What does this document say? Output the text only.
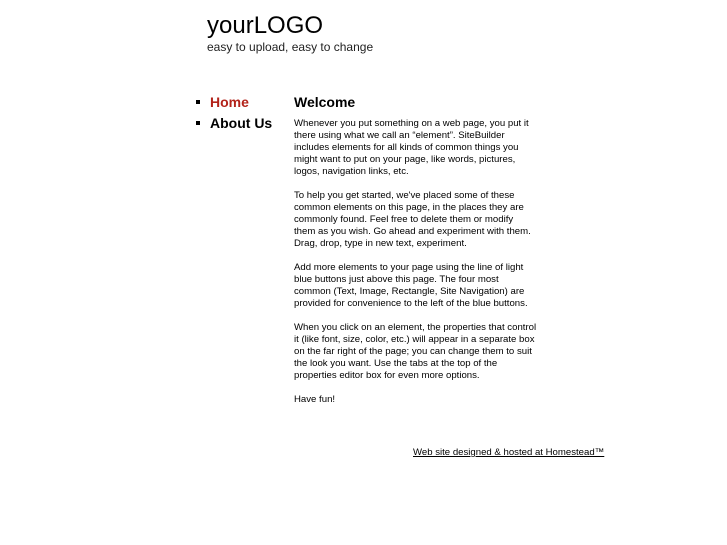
yourLOGO
easy to upload, easy to change
Home
About Us
Welcome

Whenever you put something on a web page, you put it there using what we call an “element”. SiteBuilder includes elements for all kinds of common things you might want to put on your page, like words, pictures, logos, navigation links, etc.

To help you get started, we've placed some of these common elements on this page, in the places they are commonly found. Feel free to delete them or modify them as you wish. Go ahead and experiment with them. Drag, drop, type in new text, experiment.

Add more elements to your page using the line of light blue buttons just above this page. The four most common (Text, Image, Rectangle, Site Navigation) are provided for convenience to the left of the blue buttons.

When you click on an element, the properties that control it (like font, size, color, etc.) will appear in a separate box on the far right of the page; you can change them to suit the look you want. Use the tabs at the top of the properties editor box for even more options.

Have fun!

Web site designed & hosted at Homestead™
